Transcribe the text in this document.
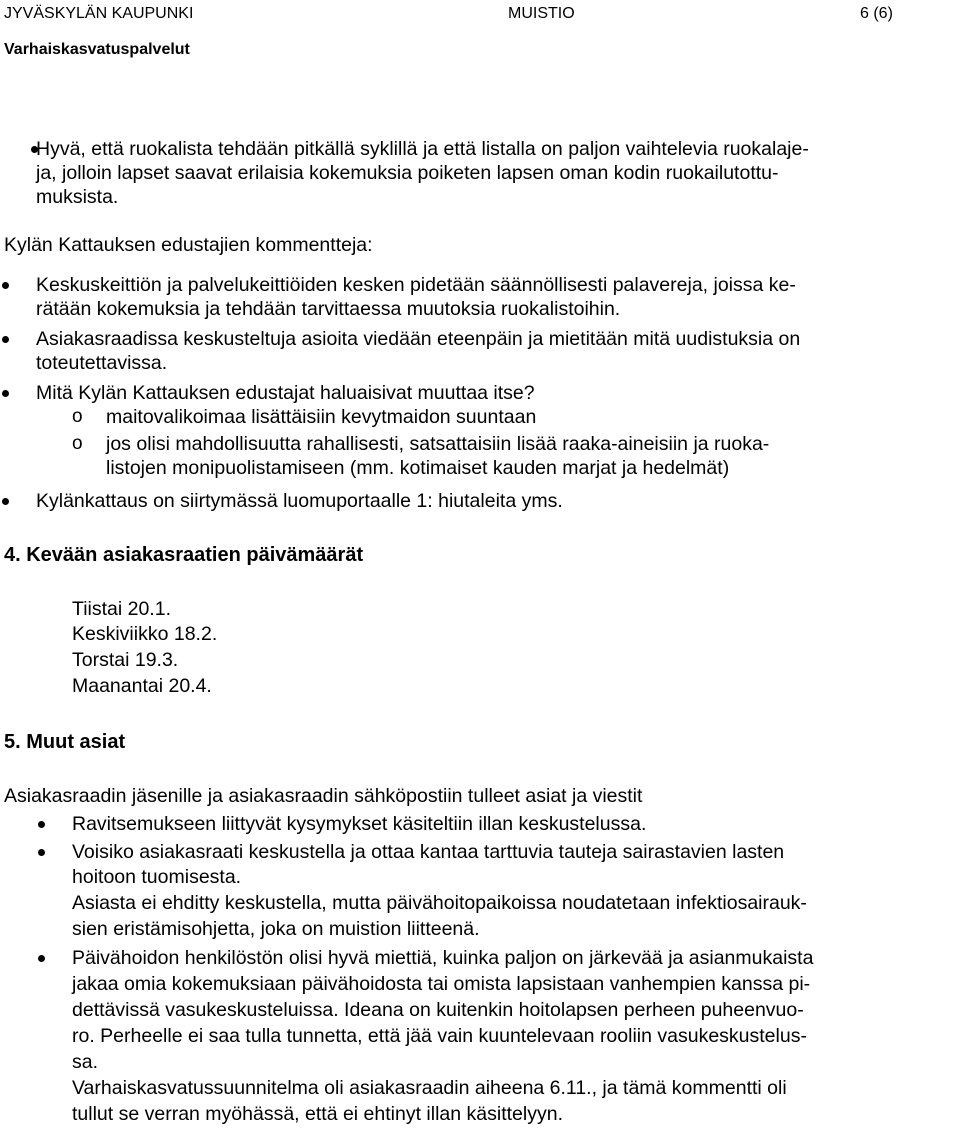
JYVÄSKYLÄN KAUPUNKI	MUISTIO	6 (6)
Varhaiskasvatuspalvelut
Hyvä, että ruokalista tehdään pitkällä syklillä ja että listalla on paljon vaihtelevia ruokalaje-
ja, jolloin lapset saavat erilaisia kokemuksia poiketen lapsen oman kodin ruokailutottu-
muksista.
Kylän Kattauksen edustajien kommentteja:
Keskuskeittiön ja palvelukeittiöiden kesken pidetään säännöllisesti palavereja, joissa ke-
rätään kokemuksia ja tehdään tarvittaessa muutoksia ruokalistoihin.
Asiakasraadissa keskusteltuja asioita viedään eteenpäin ja mietitään mitä uudistuksia on
toteutettavissa.
Mitä Kylän Kattauksen edustajat haluaisivat muuttaa itse?
o maitovalikoimaa lisättäisiin kevytmaidon suuntaan
o jos olisi mahdollisuutta rahallisesti, satsattaisiin lisää raaka-aineisiin ja ruoka-
listojen monipuolistamiseen (mm. kotimaiset kauden marjat ja hedelmät)
Kylänkattaus on siirtymässä luomuportaalle 1: hiutaleita yms.
4. Kevään asiakasraatien päivämäärät
Tiistai 20.1.
Keskiviikko 18.2.
Torstai 19.3.
Maanantai 20.4.
5. Muut asiat
Asiakasraadin jäsenille ja asiakasraadin sähköpostiin tulleet asiat ja viestit
Ravitsemukseen liittyvät kysymykset käsiteltiin illan keskustelussa.
Voisiko asiakasraati keskustella ja ottaa kantaa tarttuvia tauteja sairastavien lasten
hoitoon tuomisesta.
Asiasta ei ehditty keskustella, mutta päivähoitopaikoissa noudatetaan infektiosairauk-
sien eristämisohjetta, joka on muistion liitteenä.
Päivähoidon henkilöstön olisi hyvä miettiä, kuinka paljon on järkevää ja asianmukaista
jakaa omia kokemuksiaan päivähoidosta tai omista lapsistaan vanhempien kanssa pi-
dettävissä vasukeskusteluissa. Ideana on kuitenkin hoitolapsen perheen puheenvuo-
ro. Perheelle ei saa tulla tunnetta, että jää vain kuuntelevaan rooliin vasukeskustelus-
sa.
Varhaiskasvatussuunnitelma oli asiakasraadin aiheena 6.11., ja tämä kommentti oli
tullut se verran myöhässä, että ei ehtinyt illan käsittelyyn.
